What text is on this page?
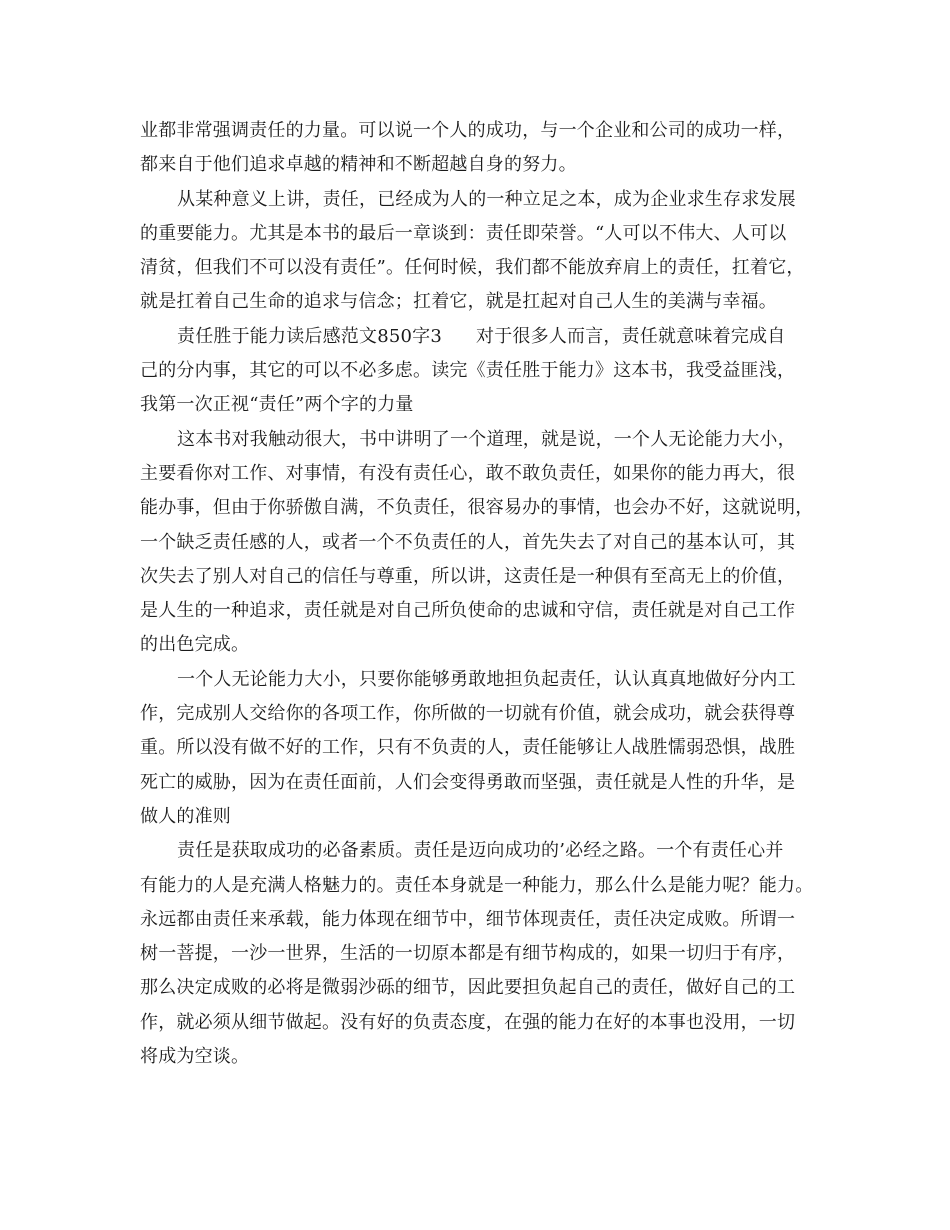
业都非常强调责任的力量。可以说一个人的成功，与一个企业和公司的成功一样，
都来自于他们追求卓越的精神和不断超越自身的努力。

从某种意义上讲，责任，已经成为人的一种立足之本，成为企业求生存求发展
的重要能力。尤其是本书的最后一章谈到：责任即荣誉。“人可以不伟大、人可以
清贫，但我们不可以没有责任”。任何时候，我们都不能放弃肩上的责任，扛着它，
就是扛着自己生命的追求与信念；扛着它，就是扛起对自己人生的美满与幸福。

责任胜于能力读后感范文850字3 对于很多人而言，责任就意味着完成自
己的分内事，其它的可以不必多虑。读完《责任胜于能力》这本书，我受益匪浅，
我第一次正视“责任”两个字的力量

这本书对我触动很大，书中讲明了一个道理，就是说，一个人无论能力大小，
主要看你对工作、对事情，有没有责任心，敢不敢负责任，如果你的能力再大，很
能办事，但由于你骄傲自满，不负责任，很容易办的事情，也会办不好，这就说明，
一个缺乏责任感的人，或者一个不负责任的人，首先失去了对自己的基本认可，其
次失去了别人对自己的信任与尊重，所以讲，这责任是一种俱有至高无上的价值，
是人生的一种追求，责任就是对自己所负使命的忠诚和守信，责任就是对自己工作
的出色完成。

一个人无论能力大小，只要你能够勇敢地担负起责任，认认真真地做好分内工
作，完成别人交给你的各项工作，你所做的一切就有价值，就会成功，就会获得尊
重。所以没有做不好的工作，只有不负责的人，责任能够让人战胜懦弱恐惧，战胜
死亡的威胁，因为在责任面前，人们会变得勇敢而坚强，责任就是人性的升华，是
做人的准则

责任是获取成功的必备素质。责任是迈向成功的’必经之路。一个有责任心并
有能力的人是充满人格魅力的。责任本身就是一种能力，那么什么是能力呢？能力。
永远都由责任来承载，能力体现在细节中，细节体现责任，责任决定成败。所谓一
树一菩提，一沙一世界，生活的一切原本都是有细节构成的，如果一切归于有序，
那么决定成败的必将是微弱沙砾的细节，因此要担负起自己的责任，做好自己的工
作，就必须从细节做起。没有好的负责态度，在强的能力在好的本事也没用，一切
将成为空谈。
